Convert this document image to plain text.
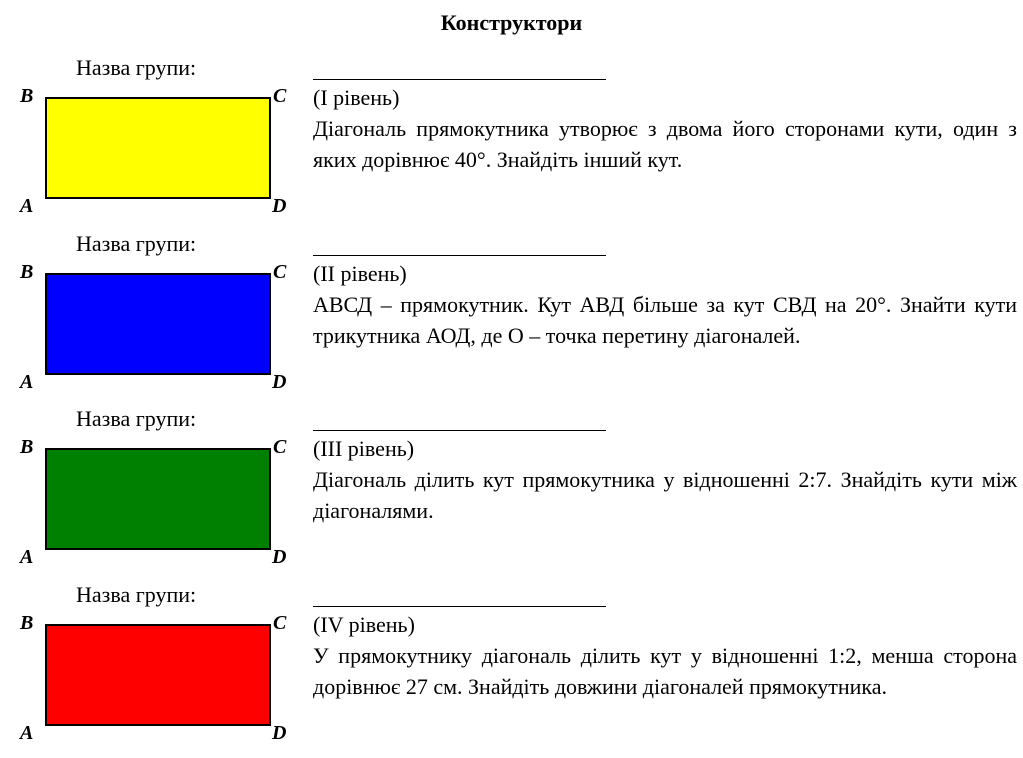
Конструктори
Назва групи:
B	C
A	D
(I рівень)
Діагональ прямокутника утворює з двома його сторонами кути, один з яких дорівнює 40°. Знайдіть інший кут.
Назва групи:
B	C
A	D
(II рівень)
АВСД – прямокутник. Кут АВД більше за кут СВД на 20°. Знайти кути трикутника АОД, де О – точка перетину діагоналей.
Назва групи:
B	C
A	D
(III рівень)
Діагональ ділить кут прямокутника у відношенні 2:7. Знайдіть кути між діагоналями.
Назва групи:
B	C
A	D
(IV рівень)
У прямокутнику діагональ ділить кут у відношенні 1:2, менша сторона дорівнює 27 см. Знайдіть довжини діагоналей прямокутника.
